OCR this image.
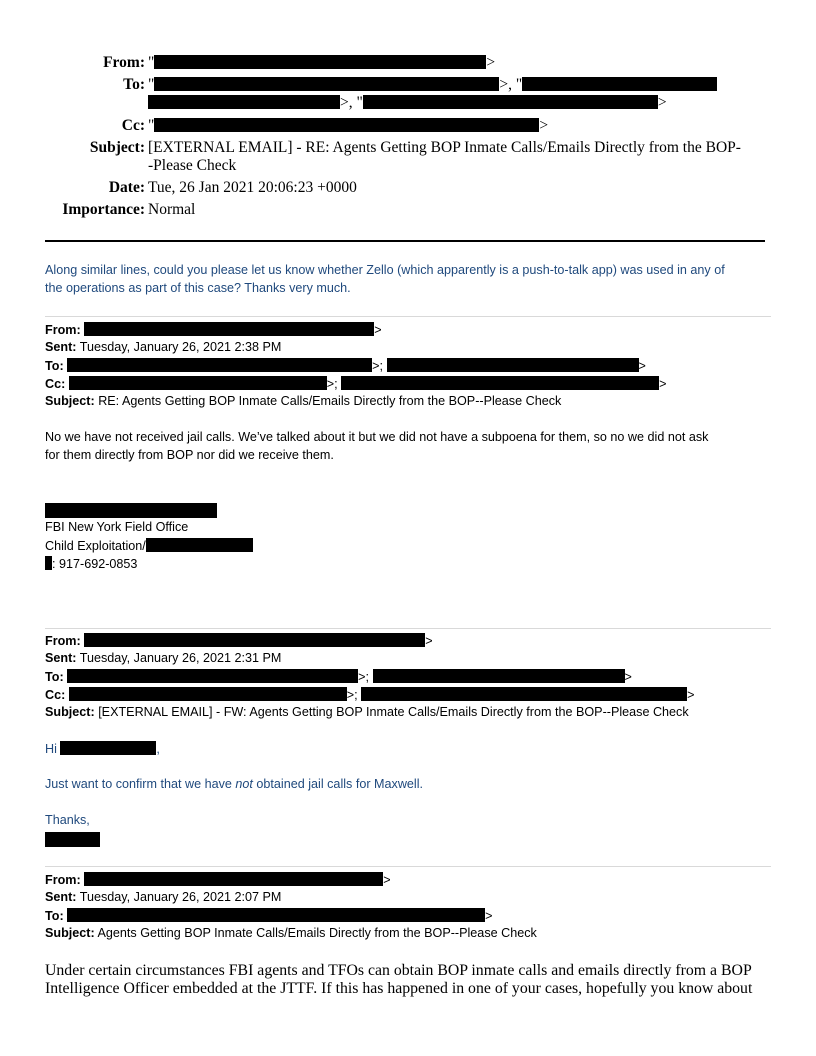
From: "	>
To: "	>, "
>, "	>
Cc: "	>
Subject: [EXTERNAL EMAIL] - RE: Agents Getting BOP Inmate Calls/Emails Directly from the BOP-
-Please Check
Date: Tue, 26 Jan 2021 20:06:23 +0000
Importance: Normal
Along similar lines, could you please let us know whether Zello (which apparently is a push-to-talk app) was used in any of
the operations as part of this case? Thanks very much.
From:	>
Sent: Tuesday, January 26, 2021 2:38 PM
To:	>;	>
Cc:	>;	>
Subject: RE: Agents Getting BOP Inmate Calls/Emails Directly from the BOP--Please Check
No we have not received jail calls. We’ve talked about it but we did not have a subpoena for them, so no we did not ask
for them directly from BOP nor did we receive them.
FBI New York Field Office
Child Exploitation/
: 917-692-0853
From:	>
Sent: Tuesday, January 26, 2021 2:31 PM
To:	>;	>
Cc:	>;	>
Subject: [EXTERNAL EMAIL] - FW: Agents Getting BOP Inmate Calls/Emails Directly from the BOP--Please Check
Hi	,
Just want to confirm that we have not obtained jail calls for Maxwell.
Thanks,
From:	>
Sent: Tuesday, January 26, 2021 2:07 PM
To:	>
Subject: Agents Getting BOP Inmate Calls/Emails Directly from the BOP--Please Check
Under certain circumstances FBI agents and TFOs can obtain BOP inmate calls and emails directly from a BOP
Intelligence Officer embedded at the JTTF. If this has happened in one of your cases, hopefully you know about
